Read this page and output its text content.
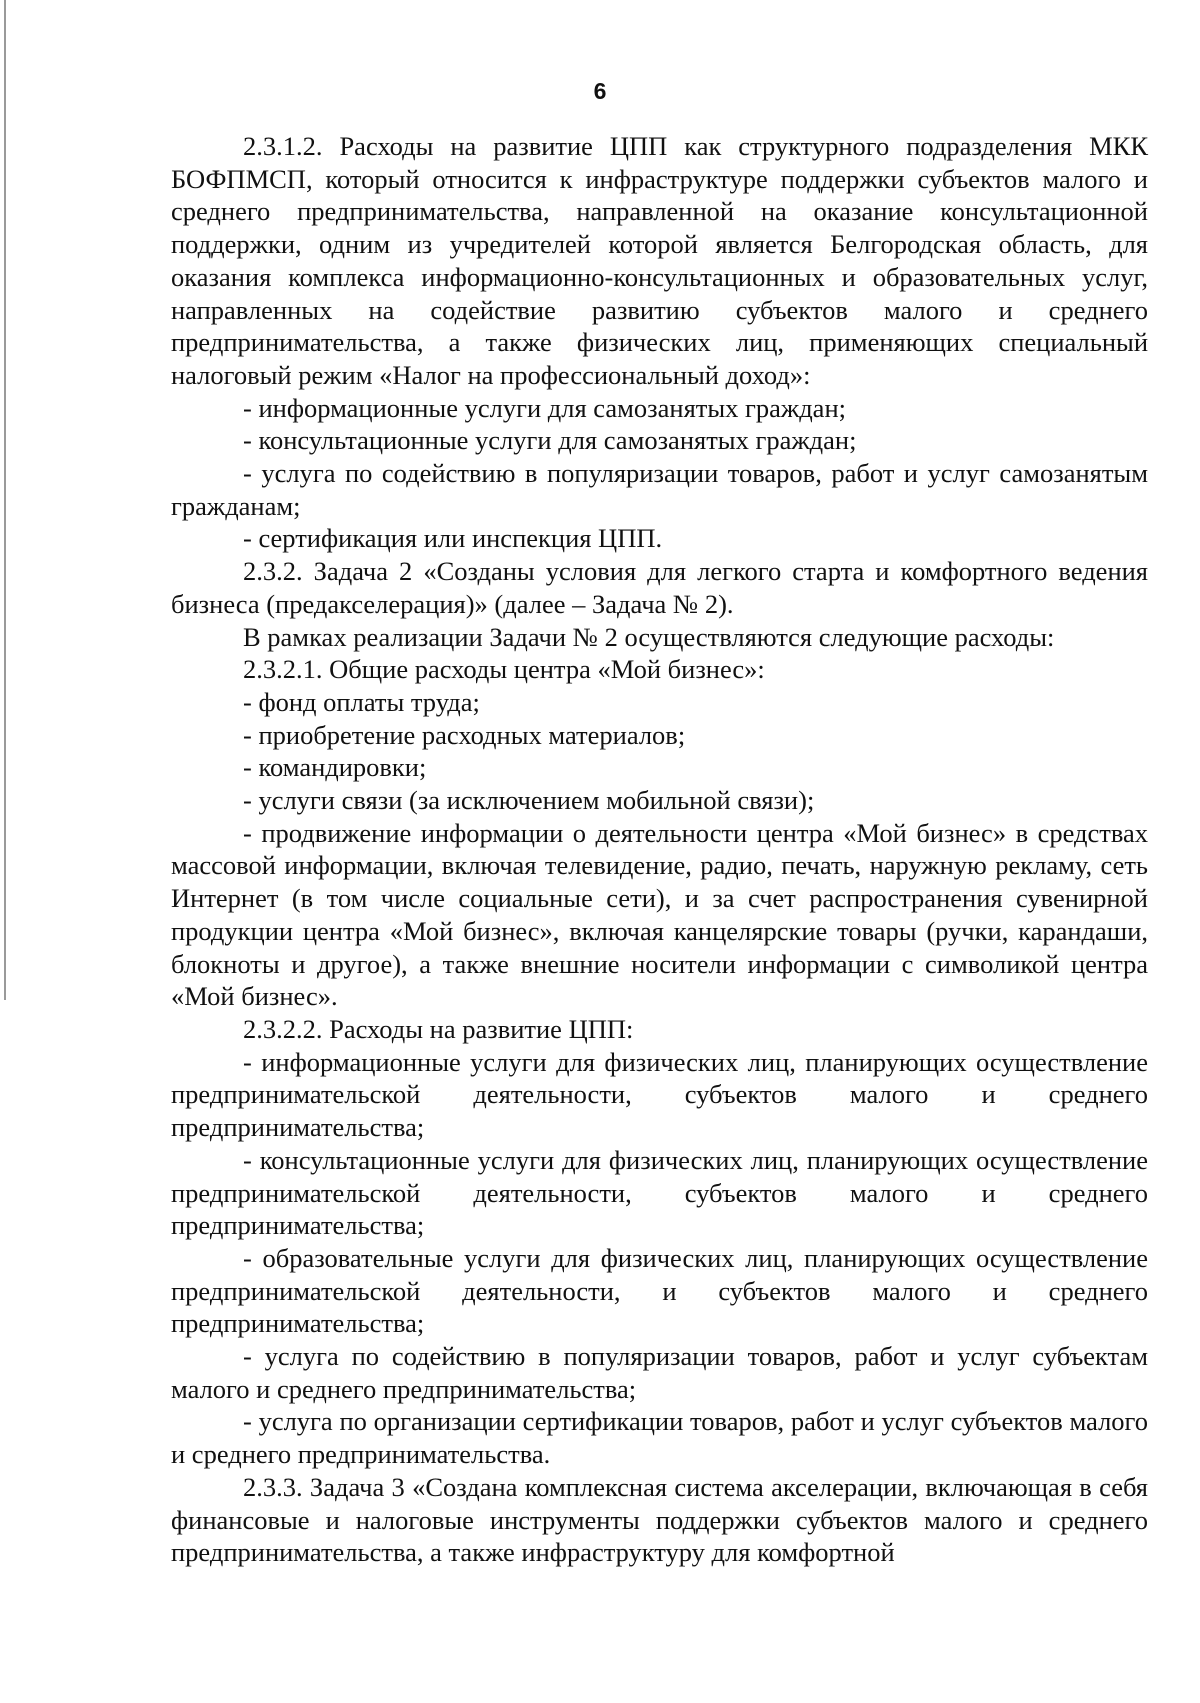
6

2.3.1.2. Расходы на развитие ЦПП как структурного подразделения МКК БОФПМСП, который относится к инфраструктуре поддержки субъектов малого и среднего предпринимательства, направленной на оказание консультационной поддержки, одним из учредителей которой является Белгородская область, для оказания комплекса информационно-консультационных и образовательных услуг, направленных на содействие развитию субъектов малого и среднего предпринимательства, а также физических лиц, применяющих специальный налоговый режим «Налог на профессиональный доход»:

- информационные услуги для самозанятых граждан;

- консультационные услуги для самозанятых граждан;

- услуга по содействию в популяризации товаров, работ и услуг самозанятым гражданам;

- сертификация или инспекция ЦПП.

2.3.2. Задача 2 «Созданы условия для легкого старта и комфортного ведения бизнеса (предакселерация)» (далее – Задача № 2).

В рамках реализации Задачи № 2 осуществляются следующие расходы:

2.3.2.1. Общие расходы центра «Мой бизнес»:

- фонд оплаты труда;

- приобретение расходных материалов;

- командировки;

- услуги связи (за исключением мобильной связи);

- продвижение информации о деятельности центра «Мой бизнес» в средствах массовой информации, включая телевидение, радио, печать, наружную рекламу, сеть Интернет (в том числе социальные сети), и за счет распространения сувенирной продукции центра «Мой бизнес», включая канцелярские товары (ручки, карандаши, блокноты и другое), а также внешние носители информации с символикой центра «Мой бизнес».

2.3.2.2. Расходы на развитие ЦПП:

- информационные услуги для физических лиц, планирующих осуществление предпринимательской деятельности, субъектов малого и среднего предпринимательства;

- консультационные услуги для физических лиц, планирующих осуществление предпринимательской деятельности, субъектов малого и среднего предпринимательства;

- образовательные услуги для физических лиц, планирующих осуществление предпринимательской деятельности, и субъектов малого и среднего предпринимательства;

- услуга по содействию в популяризации товаров, работ и услуг субъектам малого и среднего предпринимательства;

- услуга по организации сертификации товаров, работ и услуг субъектов малого и среднего предпринимательства.

2.3.3. Задача 3 «Создана комплексная система акселерации, включающая в себя финансовые и налоговые инструменты поддержки субъектов малого и среднего предпринимательства, а также инфраструктуру для комфортной
